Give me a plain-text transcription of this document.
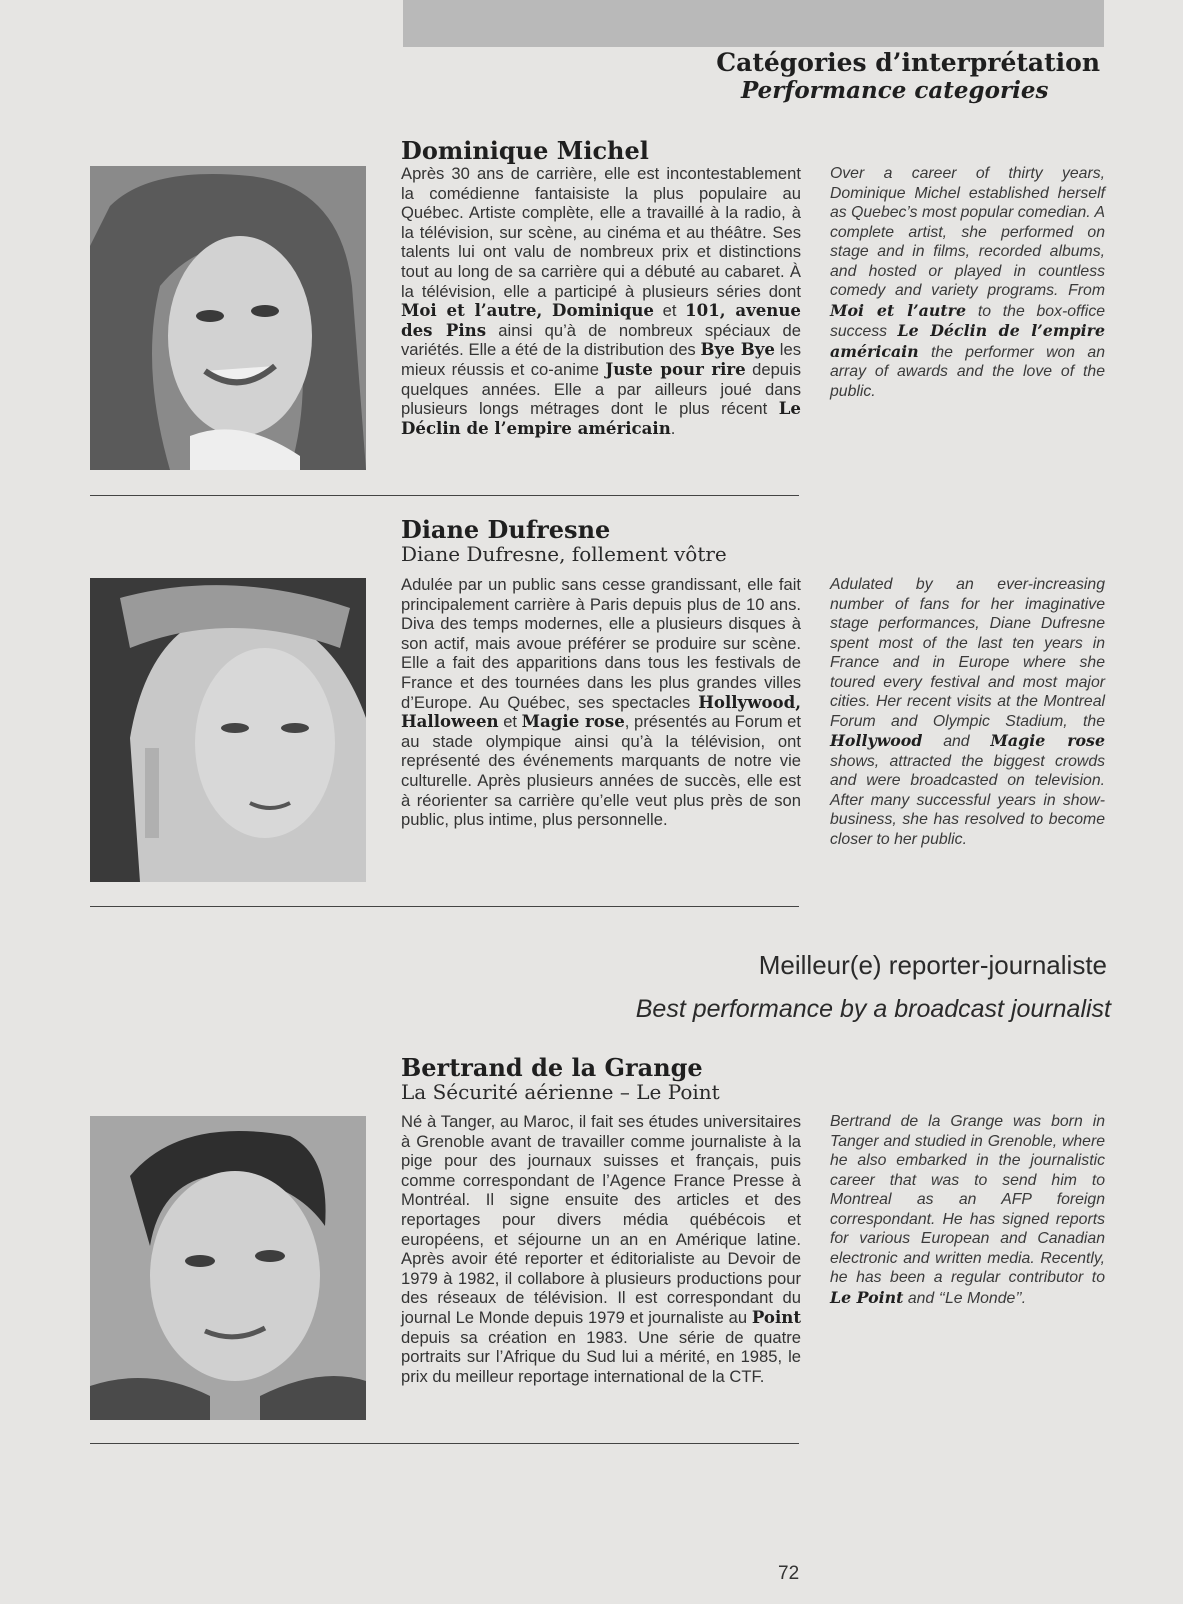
Catégories d’interprétation
Performance categories
Dominique Michel
Après 30 ans de carrière, elle est incontestablement la comédienne fantaisiste la plus populaire au Québec. Artiste complète, elle a travaillé à la radio, à la télévision, sur scène, au cinéma et au théâtre. Ses talents lui ont valu de nombreux prix et distinctions tout au long de sa carrière qui a débuté au cabaret. À la télévision, elle a participé à plusieurs séries dont Moi et l’autre, Dominique et 101, avenue des Pins ainsi qu’à de nombreux spéciaux de variétés. Elle a été de la distribution des Bye Bye les mieux réussis et co-anime Juste pour rire depuis quelques années. Elle a par ailleurs joué dans plusieurs longs métrages dont le plus récent Le Déclin de l’empire américain.
Over a career of thirty years, Dominique Michel established herself as Quebec’s most popular comedian. A complete artist, she performed on stage and in films, recorded albums, and hosted or played in countless comedy and variety programs. From Moi et l’autre to the box-office success Le Déclin de l’empire américain the performer won an array of awards and the love of the public.
Diane Dufresne
Diane Dufresne, follement vôtre
Adulée par un public sans cesse grandissant, elle fait principalement carrière à Paris depuis plus de 10 ans. Diva des temps modernes, elle a plusieurs disques à son actif, mais avoue préférer se produire sur scène. Elle a fait des apparitions dans tous les festivals de France et des tournées dans les plus grandes villes d’Europe. Au Québec, ses spectacles Hollywood, Halloween et Magie rose, présentés au Forum et au stade olympique ainsi qu’à la télévision, ont représenté des événements marquants de notre vie culturelle. Après plusieurs années de succès, elle est à réorienter sa carrière qu’elle veut plus près de son public, plus intime, plus personnelle.
Adulated by an ever-increasing number of fans for her imaginative stage performances, Diane Dufresne spent most of the last ten years in France and in Europe where she toured every festival and most major cities. Her recent visits at the Montreal Forum and Olympic Stadium, the Hollywood and Magie rose shows, attracted the biggest crowds and were broadcasted on television. After many successful years in show-business, she has resolved to become closer to her public.
Meilleur(e) reporter-journaliste
Best performance by a broadcast journalist
Bertrand de la Grange
La Sécurité aérienne – Le Point
Né à Tanger, au Maroc, il fait ses études universitaires à Grenoble avant de travailler comme journaliste à la pige pour des journaux suisses et français, puis comme correspondant de l’Agence France Presse à Montréal. Il signe ensuite des articles et des reportages pour divers média québécois et européens, et séjourne un an en Amérique latine. Après avoir été reporter et éditorialiste au Devoir de 1979 à 1982, il collabore à plusieurs productions pour des réseaux de télévision. Il est correspondant du journal Le Monde depuis 1979 et journaliste au Point depuis sa création en 1983. Une série de quatre portraits sur l’Afrique du Sud lui a mérité, en 1985, le prix du meilleur reportage international de la CTF.
Bertrand de la Grange was born in Tanger and studied in Grenoble, where he also embarked in the journalistic career that was to send him to Montreal as an AFP foreign correspondant. He has signed reports for various European and Canadian electronic and written media. Recently, he has been a regular contributor to Le Point and ‘‘Le Monde’’.
72
